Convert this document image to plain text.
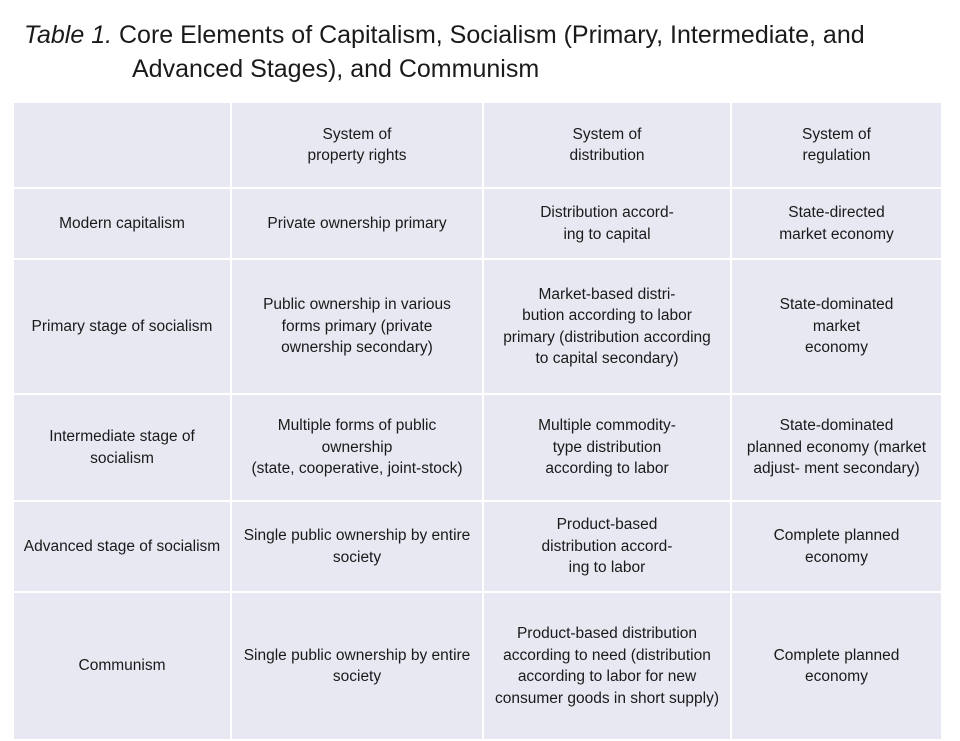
Table 1. Core Elements of Capitalism, Socialism (Primary, Intermediate, and
Advanced Stages), and Communism

	System of
property rights	System of
distribution	System of
regulation

Modern capitalism	Private ownership primary	Distribution accord-
ing to capital	State-directed
market economy

Primary stage of socialism	Public ownership in various
forms primary (private
ownership secondary)	Market-based distri-
bution according to labor
primary (distribution according
to capital secondary)	State-dominated
market
economy

Intermediate stage of
socialism	Multiple forms of public
ownership
(state, cooperative, joint-stock)	Multiple commodity-
type distribution
according to labor	State-dominated
planned economy (market
adjust- ment secondary)

Advanced stage of socialism	Single public ownership by entire
society	Product-based
distribution accord-
ing to labor	Complete planned
economy

Communism	Single public ownership by entire
society	Product-based distribution
according to need (distribution
according to labor for new
consumer goods in short supply)	Complete planned
economy
